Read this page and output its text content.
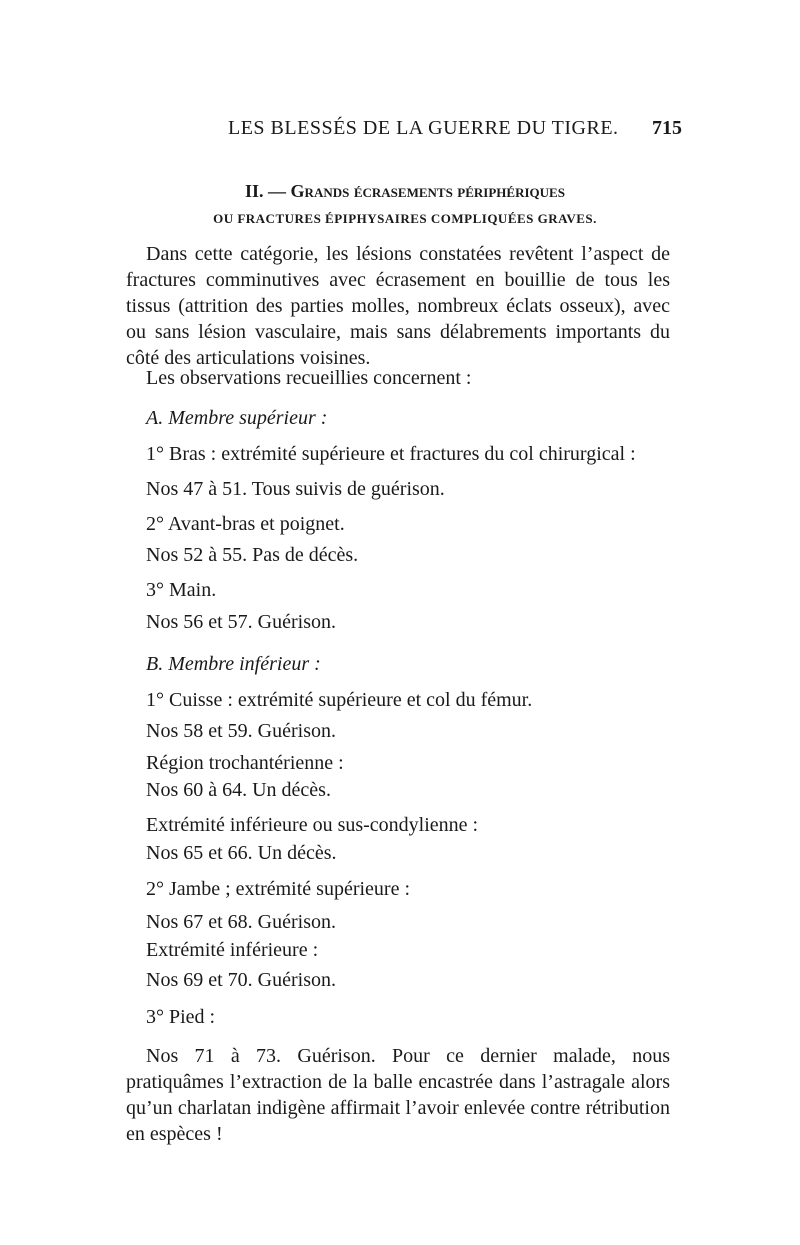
LES BLESSÉS DE LA GUERRE DU TIGRE. 715
II. — Grands écrasements périphériques
OU FRACTURES ÉPIPHYSAIRES COMPLIQUÉES GRAVES.
Dans cette catégorie, les lésions constatées revêtent l’aspect de fractures comminutives avec écrasement en bouillie de tous les tissus (attrition des parties molles, nombreux éclats osseux), avec ou sans lésion vasculaire, mais sans délabrements importants du côté des articulations voisines.
Les observations recueillies concernent :
A. Membre supérieur :
1° Bras : extrémité supérieure et fractures du col chirurgical :
Nos 47 à 51. Tous suivis de guérison.
2° Avant-bras et poignet.
Nos 52 à 55. Pas de décès.
3° Main.
Nos 56 et 57. Guérison.
B. Membre inférieur :
1° Cuisse : extrémité supérieure et col du fémur.
Nos 58 et 59. Guérison.
Région trochantérienne :
Nos 60 à 64. Un décès.
Extrémité inférieure ou sus-condylienne :
Nos 65 et 66. Un décès.
2° Jambe ; extrémité supérieure :
Nos 67 et 68. Guérison.
Extrémité inférieure :
Nos 69 et 70. Guérison.
3° Pied :
Nos 71 à 73. Guérison. Pour ce dernier malade, nous pratiquâmes l’extraction de la balle encastrée dans l’astragale alors qu’un charlatan indigène affirmait l’avoir enlevée contre rétribution en espèces !
